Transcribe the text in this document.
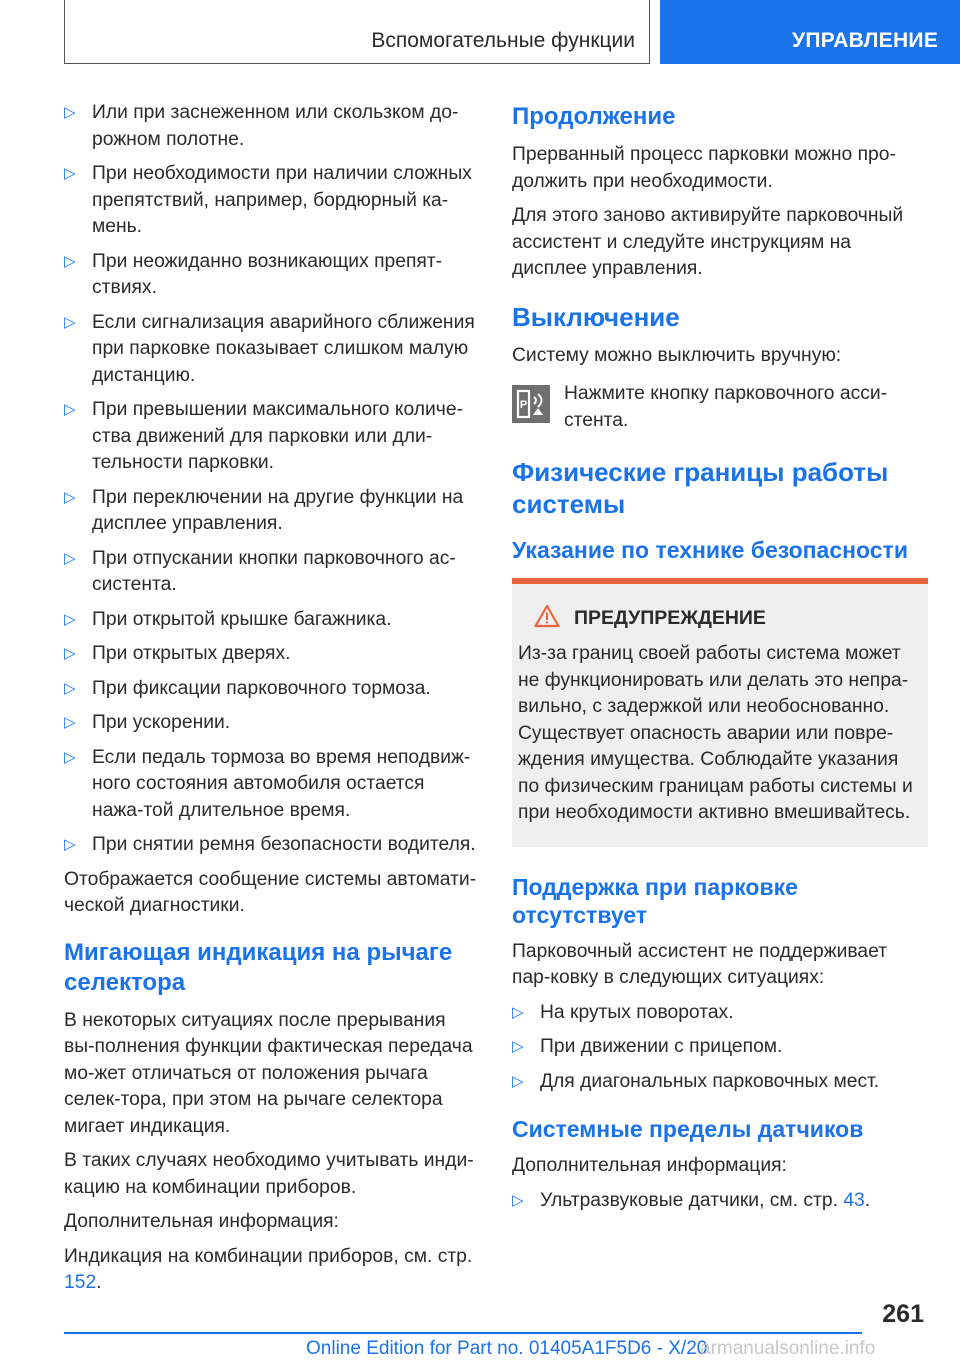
Вспомогательные функции	УПРАВЛЕНИЕ
▷ Или при заснеженном или скользком до-рожном полотне.
▷ При необходимости при наличии сложных препятствий, например, бордюрный ка-мень.
▷ При неожиданно возникающих препят-ствиях.
▷ Если сигнализация аварийного сближения при парковке показывает слишком малую дистанцию.
▷ При превышении максимального количе-ства движений для парковки или дли-тельности парковки.
▷ При переключении на другие функции на дисплее управления.
▷ При отпускании кнопки парковочного ас-систента.
▷ При открытой крышке багажника.
▷ При открытых дверях.
▷ При фиксации парковочного тормоза.
▷ При ускорении.
▷ Если педаль тормоза во время неподвиж-ного состояния автомобиля остается нажа-той длительное время.
▷ При снятии ремня безопасности водителя.

Отображается сообщение системы автомати-ческой диагностики.

Мигающая индикация на рычаге селектора

В некоторых ситуациях после прерывания вы-полнения функции фактическая передача мо-жет отличаться от положения рычага селек-тора, при этом на рычаге селектора мигает индикация.

В таких случаях необходимо учитывать инди-кацию на комбинации приборов.

Дополнительная информация:

Индикация на комбинации приборов, см. стр. 152.

Продолжение

Прерванный процесс парковки можно про-должить при необходимости.

Для этого заново активируйте парковочный ассистент и следуйте инструкциям на дисплее управления.

Выключение

Систему можно выключить вручную:

P
Нажмите кнопку парковочного асси-стента.
Физические границы работы системы
Указание по технике безопасности
ПРЕДУПРЕЖДЕНИЕ

Из-за границ своей работы система может не функционировать или делать это непра-вильно, с задержкой или необоснованно. Существует опасность аварии или повре-ждения имущества. Соблюдайте указания по физическим границам работы системы и при необходимости активно вмешивайтесь.

Поддержка при парковке отсутствует

Парковочный ассистент не поддерживает пар-ковку в следующих ситуациях:

▷ На крутых поворотах.
▷ При движении с прицепом.
▷ Для диагональных парковочных мест.
Системные пределы датчиков

Дополнительная информация:

▷ Ультразвуковые датчики, см. стр. 43.
261
Online Edition for Part no. 01405A1F5D6 - X/20
armanualsonline.info
